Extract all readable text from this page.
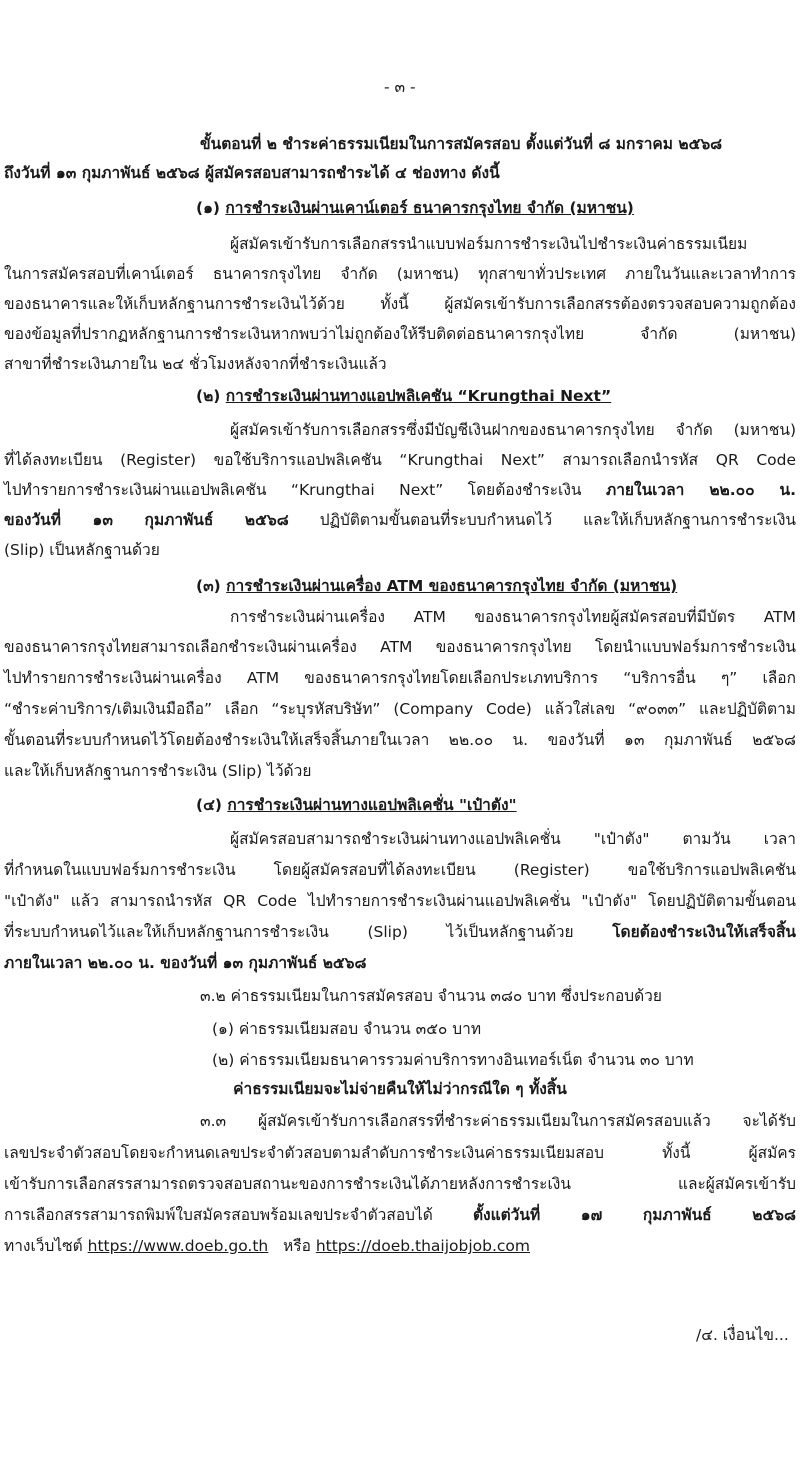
- ๓ -
ขั้นตอนที่ ๒ ชำระค่าธรรมเนียมในการสมัครสอบ ตั้งแต่วันที่ ๘ มกราคม ๒๕๖๘
ถึงวันที่ ๑๓ กุมภาพันธ์ ๒๕๖๘ ผู้สมัครสอบสามารถชำระได้ ๔ ช่องทาง ดังนี้
(๑) การชำระเงินผ่านเคาน์เตอร์ ธนาคารกรุงไทย จำกัด (มหาชน)
ผู้สมัครเข้ารับการเลือกสรรนำแบบฟอร์มการชำระเงินไปชำระเงินค่าธรรมเนียม
ในการสมัครสอบที่เคาน์เตอร์ ธนาคารกรุงไทย จำกัด (มหาชน) ทุกสาขาทั่วประเทศ ภายในวันและเวลาทำการ
ของธนาคารและให้เก็บหลักฐานการชำระเงินไว้ด้วย ทั้งนี้ ผู้สมัครเข้ารับการเลือกสรรต้องตรวจสอบความถูกต้อง
ของข้อมูลที่ปรากฏหลักฐานการชำระเงินหากพบว่าไม่ถูกต้องให้รีบติดต่อธนาคารกรุงไทย จำกัด (มหาชน)
สาขาที่ชำระเงินภายใน ๒๔ ชั่วโมงหลังจากที่ชำระเงินแล้ว
(๒) การชำระเงินผ่านทางแอปพลิเคชัน “Krungthai Next”
ผู้สมัครเข้ารับการเลือกสรรซึ่งมีบัญชีเงินฝากของธนาคารกรุงไทย จำกัด (มหาชน)
ที่ได้ลงทะเบียน (Register) ขอใช้บริการแอปพลิเคชัน “Krungthai Next” สามารถเลือกนำรหัส QR Code
ไปทำรายการชำระเงินผ่านแอปพลิเคชัน “Krungthai Next” โดยต้องชำระเงิน ภายในเวลา ๒๒.๐๐ น.
ของวันที่ ๑๓ กุมภาพันธ์ ๒๕๖๘ ปฏิบัติตามขั้นตอนที่ระบบกำหนดไว้ และให้เก็บหลักฐานการชำระเงิน
(Slip) เป็นหลักฐานด้วย
(๓) การชำระเงินผ่านเครื่อง ATM ของธนาคารกรุงไทย จำกัด (มหาชน)
การชำระเงินผ่านเครื่อง ATM ของธนาคารกรุงไทยผู้สมัครสอบที่มีบัตร ATM
ของธนาคารกรุงไทยสามารถเลือกชำระเงินผ่านเครื่อง ATM ของธนาคารกรุงไทย โดยนำแบบฟอร์มการชำระเงิน
ไปทำรายการชำระเงินผ่านเครื่อง ATM ของธนาคารกรุงไทยโดยเลือกประเภทบริการ “บริการอื่น ๆ” เลือก
“ชำระค่าบริการ/เติมเงินมือถือ” เลือก “ระบุรหัสบริษัท” (Company Code) แล้วใส่เลข “๙๐๓๓” และปฏิบัติตาม
ขั้นตอนที่ระบบกำหนดไว้โดยต้องชำระเงินให้เสร็จสิ้นภายในเวลา ๒๒.๐๐ น. ของวันที่ ๑๓ กุมภาพันธ์ ๒๕๖๘
และให้เก็บหลักฐานการชำระเงิน (Slip) ไว้ด้วย
(๔) การชำระเงินผ่านทางแอปพลิเคชั่น "เป๋าตัง"
ผู้สมัครสอบสามารถชำระเงินผ่านทางแอปพลิเคชั่น "เป๋าตัง" ตามวัน เวลา
ที่กำหนดในแบบฟอร์มการชำระเงิน โดยผู้สมัครสอบที่ได้ลงทะเบียน (Register) ขอใช้บริการแอปพลิเคชัน
"เป๋าตัง" แล้ว สามารถนำรหัส QR Code ไปทำรายการชำระเงินผ่านแอปพลิเคชั่น "เป๋าตัง" โดยปฏิบัติตามขั้นตอน
ที่ระบบกำหนดไว้และให้เก็บหลักฐานการชำระเงิน (Slip) ไว้เป็นหลักฐานด้วย โดยต้องชำระเงินให้เสร็จสิ้น
ภายในเวลา ๒๒.๐๐ น. ของวันที่ ๑๓ กุมภาพันธ์ ๒๕๖๘
๓.๒ ค่าธรรมเนียมในการสมัครสอบ จำนวน ๓๘๐ บาท ซึ่งประกอบด้วย
(๑) ค่าธรรมเนียมสอบ จำนวน ๓๕๐ บาท
(๒) ค่าธรรมเนียมธนาคารรวมค่าบริการทางอินเทอร์เน็ต จำนวน ๓๐ บาท
ค่าธรรมเนียมจะไม่จ่ายคืนให้ไม่ว่ากรณีใด ๆ ทั้งสิ้น
๓.๓ ผู้สมัครเข้ารับการเลือกสรรที่ชำระค่าธรรมเนียมในการสมัครสอบแล้ว จะได้รับ
เลขประจำตัวสอบโดยจะกำหนดเลขประจำตัวสอบตามลำดับการชำระเงินค่าธรรมเนียมสอบ ทั้งนี้ ผู้สมัคร
เข้ารับการเลือกสรรสามารถตรวจสอบสถานะของการชำระเงินได้ภายหลังการชำระเงิน และผู้สมัครเข้ารับ
การเลือกสรรสามารถพิมพ์ใบสมัครสอบพร้อมเลขประจำตัวสอบได้ ตั้งแต่วันที่ ๑๗ กุมภาพันธ์ ๒๕๖๘
ทางเว็บไซต์ https://www.doeb.go.th   หรือ https://doeb.thaijobjob.com
/๔. เงื่อนไข...
